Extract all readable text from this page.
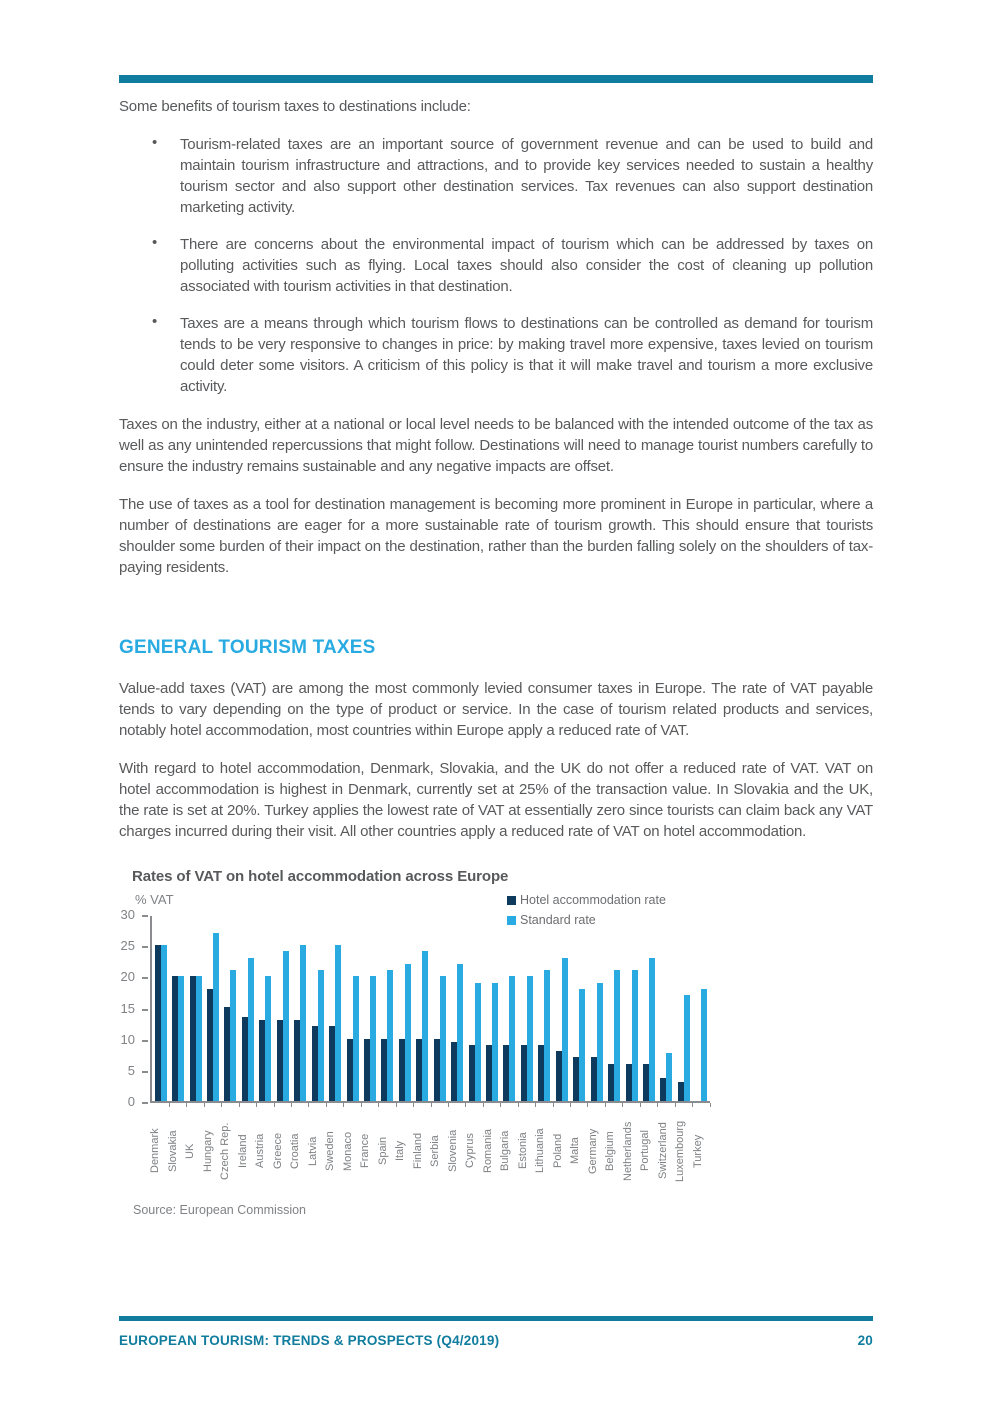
Some benefits of tourism taxes to destinations include:

• Tourism-related taxes are an important source of government revenue and can be used to build and maintain tourism infrastructure and attractions, and to provide key services needed to sustain a healthy tourism sector and also support other destination services. Tax revenues can also support destination marketing activity.

• There are concerns about the environmental impact of tourism which can be addressed by taxes on polluting activities such as flying. Local taxes should also consider the cost of cleaning up pollution associated with tourism activities in that destination.

• Taxes are a means through which tourism flows to destinations can be controlled as demand for tourism tends to be very responsive to changes in price: by making travel more expensive, taxes levied on tourism could deter some visitors. A criticism of this policy is that it will make travel and tourism a more exclusive activity.

Taxes on the industry, either at a national or local level needs to be balanced with the intended outcome of the tax as well as any unintended repercussions that might follow. Destinations will need to manage tourist numbers carefully to ensure the industry remains sustainable and any negative impacts are offset.

The use of taxes as a tool for destination management is becoming more prominent in Europe in particular, where a number of destinations are eager for a more sustainable rate of tourism growth. This should ensure that tourists shoulder some burden of their impact on the destination, rather than the burden falling solely on the shoulders of tax-paying residents.

GENERAL TOURISM TAXES

Value-add taxes (VAT) are among the most commonly levied consumer taxes in Europe. The rate of VAT payable tends to vary depending on the type of product or service. In the case of tourism related products and services, notably hotel accommodation, most countries within Europe apply a reduced rate of VAT.

With regard to hotel accommodation, Denmark, Slovakia, and the UK do not offer a reduced rate of VAT. VAT on hotel accommodation is highest in Denmark, currently set at 25% of the transaction value. In Slovakia and the UK, the rate is set at 20%. Turkey applies the lowest rate of VAT at essentially zero since tourists can claim back any VAT charges incurred during their visit. All other countries apply a reduced rate of VAT on hotel accommodation.

Rates of VAT on hotel accommodation across Europe
% VAT
0
5
10
15
20
25
30
Hotel accommodation rate
Standard rate
Denmark Slovakia UK Hungary Czech Rep. Ireland Austria Greece Croatia Latvia Sweden Monaco France Spain Italy Finland Serbia Slovenia Cyprus Romania Bulgaria Estonia Lithuania Poland Malta Germany Belgium Netherlands Portugal Switzerland Luxembourg Turkey
Source: European Commission
EUROPEAN TOURISM: TRENDS & PROSPECTS (Q4/2019)	20
